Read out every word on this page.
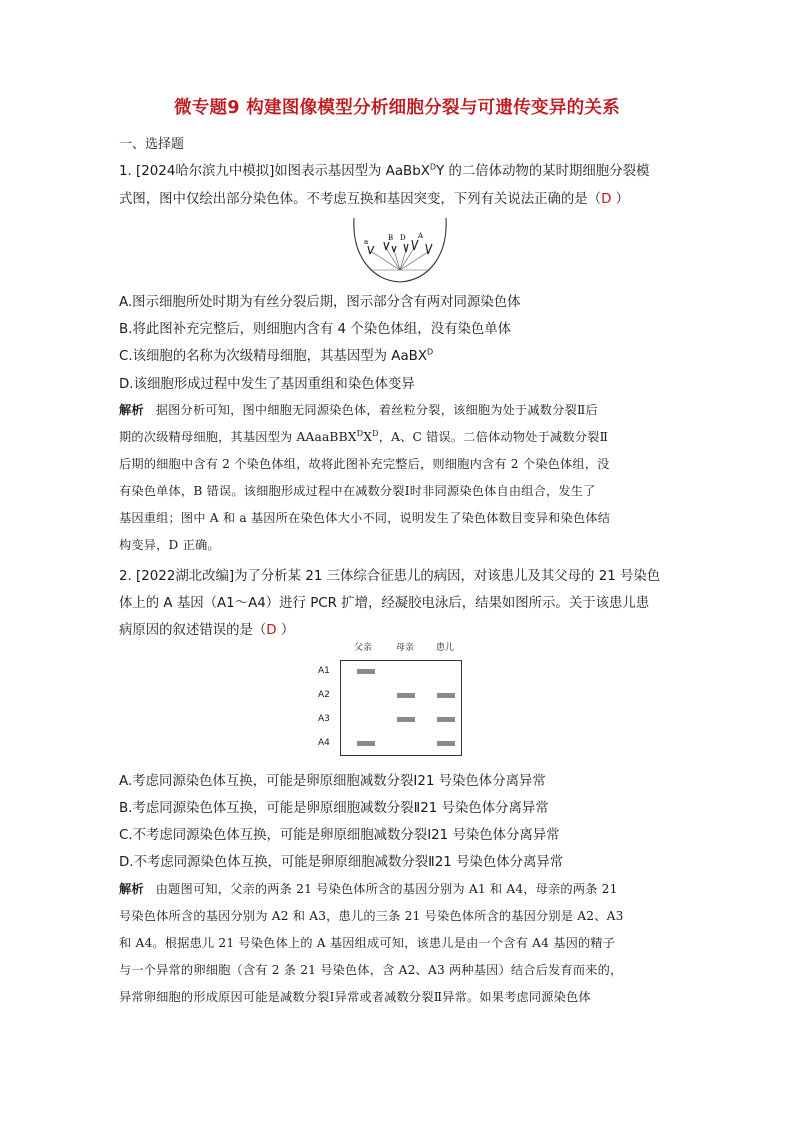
微专题9 构建图像模型分析细胞分裂与可遗传变异的关系
一、选择题
1. [2024哈尔滨九中模拟]如图表示基因型为 AaBbX$^D$Y 的二倍体动物的某时期细胞分裂模
式图，图中仅绘出部分染色体。不考虑互换和基因突变，下列有关说法正确的是（D ）
a	B D A
A.图示细胞所处时期为有丝分裂后期，图示部分含有两对同源染色体
B.将此图补充完整后，则细胞内含有 4 个染色体组，没有染色单体
C.该细胞的名称为次级精母细胞，其基因型为 AaBX$^D$
D.该细胞形成过程中发生了基因重组和染色体变异
解析 据图分析可知，图中细胞无同源染色体，着丝粒分裂，该细胞为处于减数分裂Ⅱ后
期的次级精母细胞，其基因型为 $AAaaBBX^DX^D$，A、C 错误。二倍体动物处于减数分裂Ⅱ
后期的细胞中含有 2 个染色体组，故将此图补充完整后，则细胞内含有 2 个染色体组，没
有染色单体，B 错误。该细胞形成过程中在减数分裂Ⅰ时非同源染色体自由组合，发生了
基因重组；图中 A 和 a 基因所在染色体大小不同，说明发生了染色体数目变异和染色体结
构变异，D 正确。
2. [2022湖北改编]为了分析某 21 三体综合征患儿的病因，对该患儿及其父母的 21 号染色
体上的 A 基因（A1～A4）进行 PCR 扩增，经凝胶电泳后，结果如图所示。关于该患儿患
病原因的叙述错误的是（D ）
父亲	母亲 患儿
A1
A2
A3
A4
A.考虑同源染色体互换，可能是卵原细胞减数分裂Ⅰ21 号染色体分离异常
B.考虑同源染色体互换，可能是卵原细胞减数分裂Ⅱ21 号染色体分离异常
C.不考虑同源染色体互换，可能是卵原细胞减数分裂Ⅰ21 号染色体分离异常
D.不考虑同源染色体互换，可能是卵原细胞减数分裂Ⅱ21 号染色体分离异常
解析 由题图可知，父亲的两条 21 号染色体所含的基因分别为 A1 和 A4，母亲的两条 21
号染色体所含的基因分别为 A2 和 A3，患儿的三条 21 号染色体所含的基因分别是 A2、A3
和 A4。根据患儿 21 号染色体上的 A 基因组成可知，该患儿是由一个含有 A4 基因的精子
与一个异常的卵细胞（含有 2 条 21 号染色体，含 A2、A3 两种基因）结合后发育而来的，
异常卵细胞的形成原因可能是减数分裂Ⅰ异常或者减数分裂Ⅱ异常。如果考虑同源染色体
